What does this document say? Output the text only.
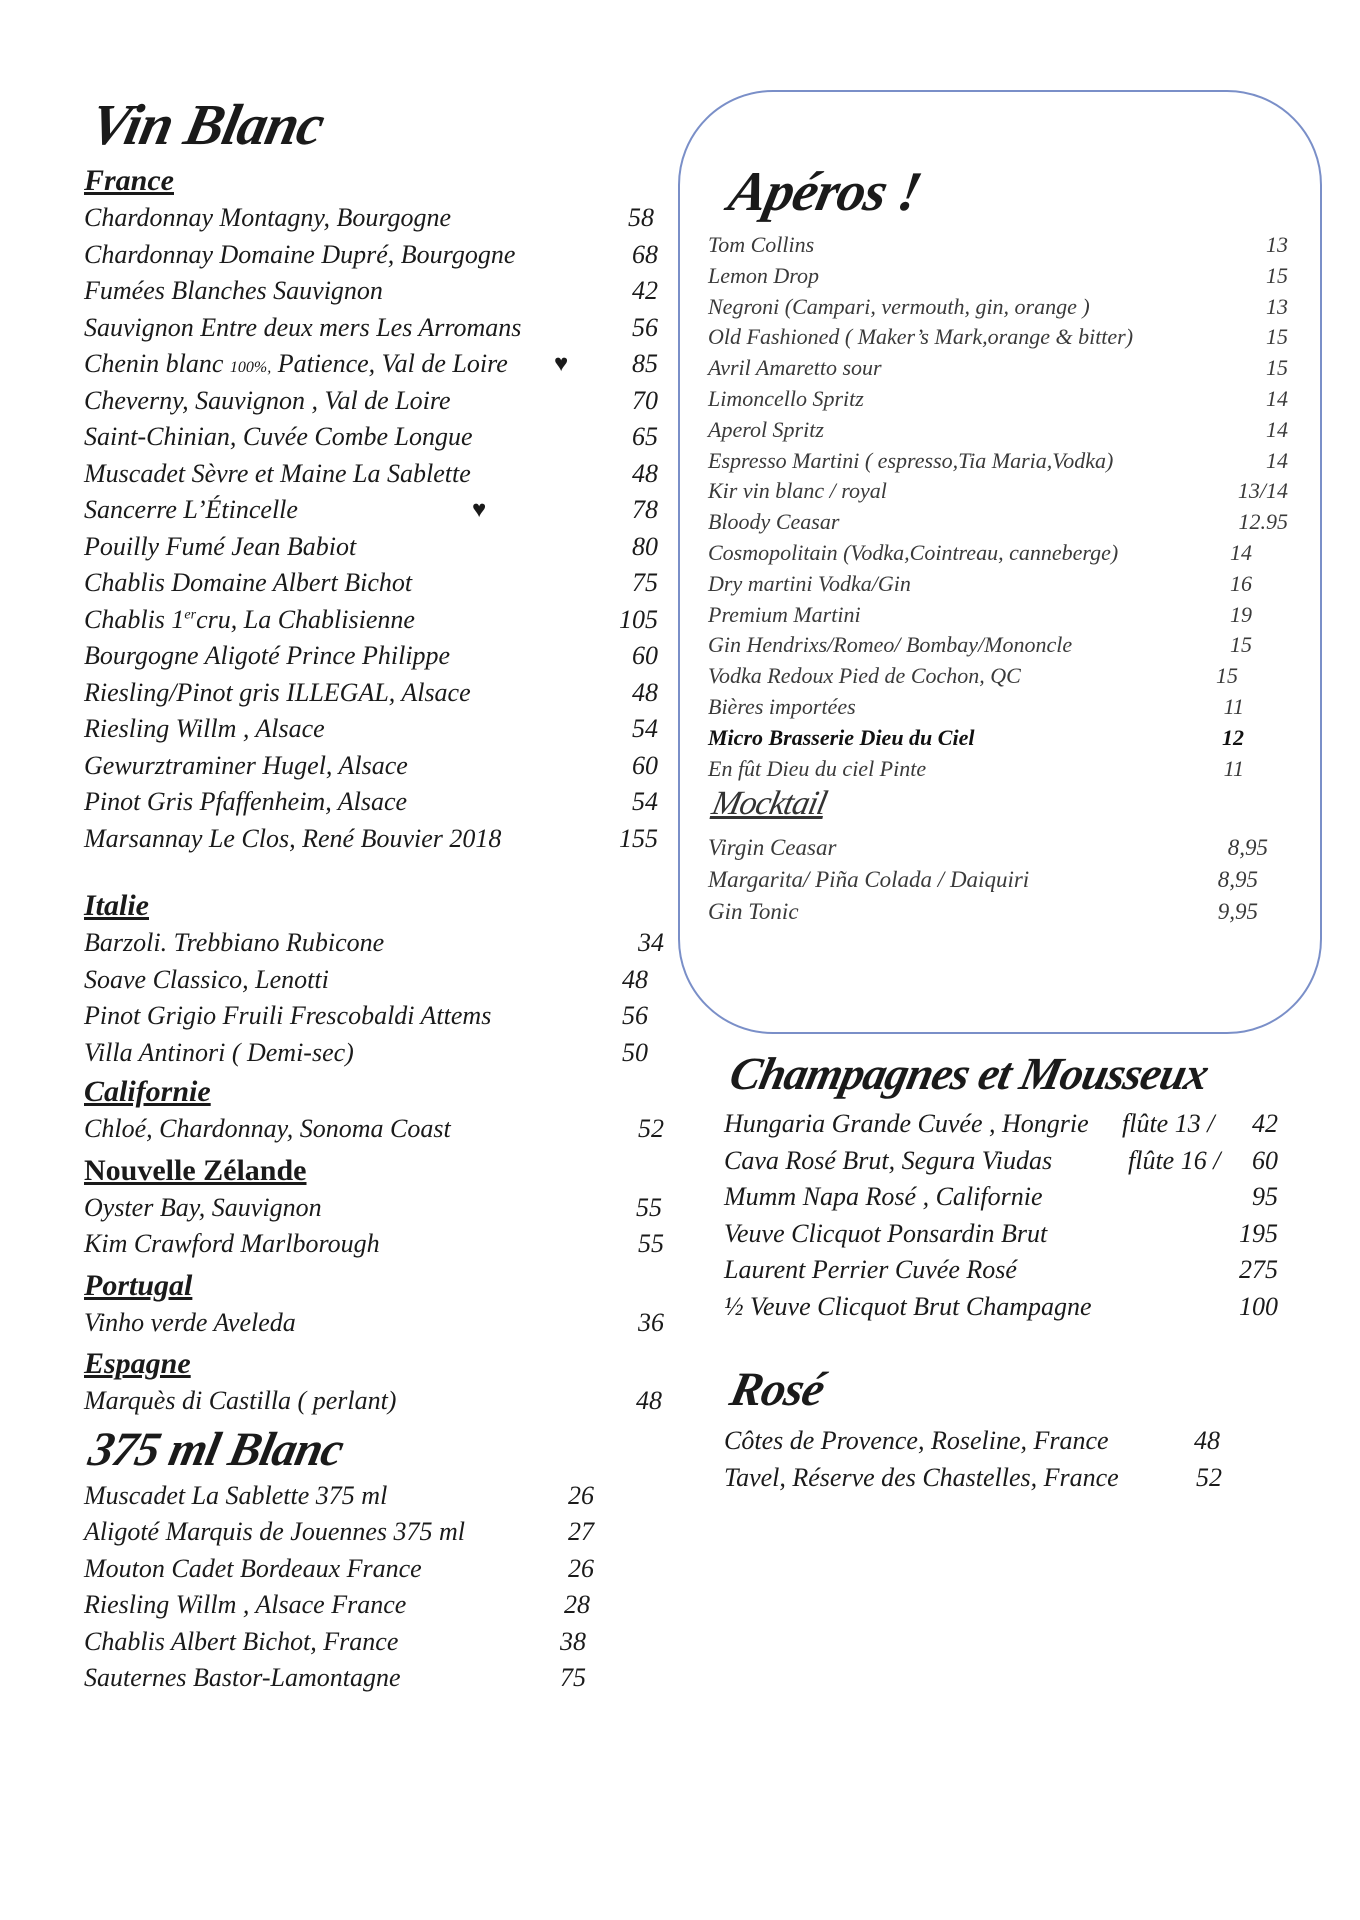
Vin Blanc
France
Chardonnay Montagny, Bourgogne	58
Chardonnay Domaine Dupré, Bourgogne	68
Fumées Blanches Sauvignon	42
Sauvignon Entre deux mers Les Arromans	56
Chenin blanc 100%, Patience, Val de Loire ♥ 85
Cheverny, Sauvignon , Val de Loire	70
Saint-Chinian, Cuvée Combe Longue	65
Muscadet Sèvre et Maine La Sablette	48
Sancerre L’Étincelle	♥	78
Pouilly Fumé Jean Babiot	80
Chablis Domaine Albert Bichot	75
Chablis 1ercru, La Chablisienne	105
Bourgogne Aligoté Prince Philippe	60
Riesling/Pinot gris ILLEGAL, Alsace	48
Riesling Willm , Alsace	54
Gewurztraminer Hugel, Alsace	60
Pinot Gris Pfaffenheim, Alsace	54
Marsannay Le Clos, René Bouvier 2018	155
Italie
Barzoli. Trebbiano Rubicone	34
Soave Classico, Lenotti	48
Pinot Grigio Fruili Frescobaldi Attems	56
Villa Antinori ( Demi-sec)	50
Californie
Chloé, Chardonnay, Sonoma Coast	52
Nouvelle Zélande
Oyster Bay, Sauvignon	55
Kim Crawford Marlborough	55
Portugal
Vinho verde Aveleda	36
Espagne
Marquès di Castilla ( perlant)	48
375 ml Blanc
Muscadet La Sablette 375 ml	26
Aligoté Marquis de Jouennes 375 ml	27
Mouton Cadet Bordeaux France	26
Riesling Willm , Alsace France	28
Chablis Albert Bichot, France	38
Sauternes Bastor-Lamontagne	75
Apéros !
Tom Collins	13
Lemon Drop	15
Negroni (Campari, vermouth, gin, orange )	13
Old Fashioned ( Maker’s Mark,orange & bitter)	15
Avril Amaretto sour	15
Limoncello Spritz	14
Aperol Spritz	14
Espresso Martini ( espresso,Tia Maria,Vodka)	14
Kir vin blanc / royal	13/14
Bloody Ceasar	12.95
Cosmopolitain (Vodka,Cointreau, canneberge)	14
Dry martini Vodka/Gin	16
Premium Martini	19
Gin Hendrixs/Romeo/ Bombay/Mononcle	15
Vodka Redoux Pied de Cochon, QC	15
Bières importées	11
Micro Brasserie Dieu du Ciel	12
En fût Dieu du ciel Pinte	11
Mocktail
Virgin Ceasar	8,95
Margarita/ Piña Colada / Daiquiri	8,95
Gin Tonic	9,95
Champagnes et Mousseux
Hungaria Grande Cuvée , Hongrie flûte 13 / 42
Cava Rosé Brut, Segura Viudas	flûte 16 / 60
Mumm Napa Rosé , Californie	95
Veuve Clicquot Ponsardin Brut	195
Laurent Perrier Cuvée Rosé	275
½ Veuve Clicquot Brut Champagne	100
Rosé
Côtes de Provence, Roseline, France	48
Tavel, Réserve des Chastelles, France	52
